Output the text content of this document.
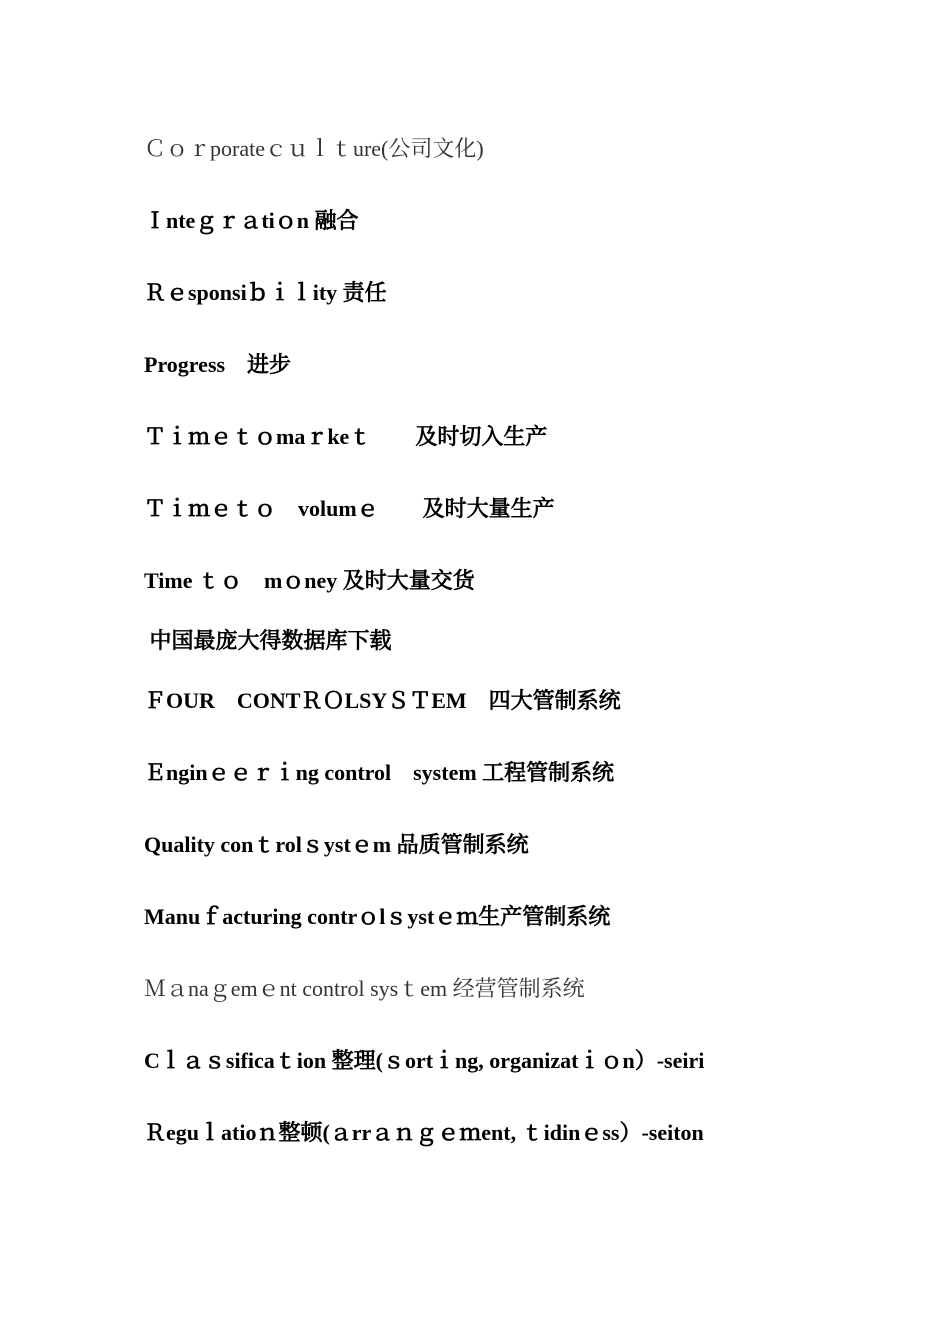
Ｃｏｒporateｃｕｌｔure(公司文化)
Ｉnteｇｒａtiｏn 融合
Ｒｅsponsiｂｉｌity 责任
Progress　进步
Ｔｉｍｅｔｏmaｒkeｔ　　及时切入生产
Ｔｉｍｅｔｏ　volumｅ　　及时大量生产
Time ｔｏ　mｏney 及时大量交货
中国最庞大得数据库下载
ＦOUR　CONTＲＯLSYＳＴEM　四大管制系统
Ｅnginｅｅｒｉng control　system 工程管制系统
Quality conｔrolｓystｅm 品质管制系统
Manuｆacturing contrｏlｓystｅｍ生产管制系统
Ｍａnaｇemｅnt control sysｔem 经营管制系统
Cｌａｓsificaｔion 整理(ｓortｉng, organizatｉｏn）-seiri
Ｒeguｌatioｎ整顿(ａrrａｎｇｅｍent, ｔidinｅss）-seiton
